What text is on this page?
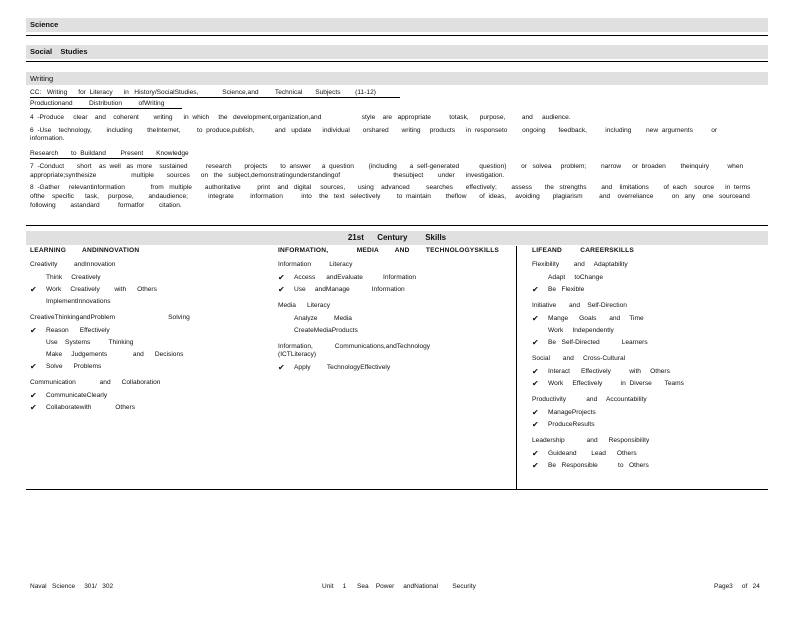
Science
Social    Studies
Writing
CC:   Writing      for  Literacy      in   History/SocialStudies,             Science,and         Technical       Subjects        (11-12)
Productionand         Distribution         ofWriting
4  -Produce     clear    and    coherent        writing      in  which     the   development,organization,and                      style    are   appropriate          totask,      purpose,         and     audience.
6  -Use    technology,        including        theInternet,         to  produce,publish,           and   update      individual       orshared       writing     products      in  responseto        ongoing       feedback,          including        new  arguments          or
information.
Research       to  Buildand        Present       Knowledge
7  -Conduct       short    as  well   as  more    sustained          research       projects       to  answer      a  question        (including       a  self-generated           question)        or   solvea     problem;        narrow      or  broaden        theinquiry          when
appropriate;synthesize                   multiple       sources      on   the   subject,demonstratingunderstandingof                             thesubject        under      investigation.
8  -Gather     relevantinformation              from   multiple       authoritative         print    and   digital     sources,       using    advanced         searches       effectively;        assess       the   strengths        and    limitations        of  each    source      in  terms
ofthe    specific      task,     purpose,        andaudience;           integrate         information          into    the   text   selectively         to  maintain        theflow       of  ideas,     avoiding       plagiarism         and    overreliance          on   any    one   sourceand
following        astandard          formatfor        citation.
21st      Century        Skills
LEARNING        ANDINNOVATION
Creativity         andInnovation
Think     Creatively
✔	Work     Creatively        with      Others
ImplementInnovations
CreativeThinkingandProblem                             Solving
✔	Reason      Effectively
Use    Systems          Thinking
Make     Judgements              and      Decisions
✔	Solve      Problems
Communication             and      Collaboration
✔	CommunicateClearly
✔	Collaboratewith             Others
INFORMATION,              MEDIA        AND        TECHNOLOGYSKILLS
Information          Literacy
✔	Access      andEvaluate           Information
✔	Use     andManage            Information
Media      Literacy
Analyze         Media
CreateMediaProducts
Information,            Communications,andTechnology
(ICTLiteracy)
✔	Apply         TechnologyEffectively
LIFEAND         CAREERSKILLS
Flexibility        and     Adaptability
Adapt     toChange
✔	Be   Flexible
Initiative       and    Self-Direction
✔	Mange      Goals       and     Time
Work     Independently
✔	Be   Self-Directed            Learners
Social       and     Cross-Cultural
✔	Interact      Effectively          with     Others
✔	Work     Effectively          in  Diverse       Teams
Productivity           and     Accountability
✔	ManageProjects
✔	ProduceResults
Leadership            and      Responsibility
✔	Guideand        Lead      Others
✔	Be   Responsible           to   Others
Naval   Science     301/   302	Unit     1      Sea    Power     andNational        Security	Page3     of   24
